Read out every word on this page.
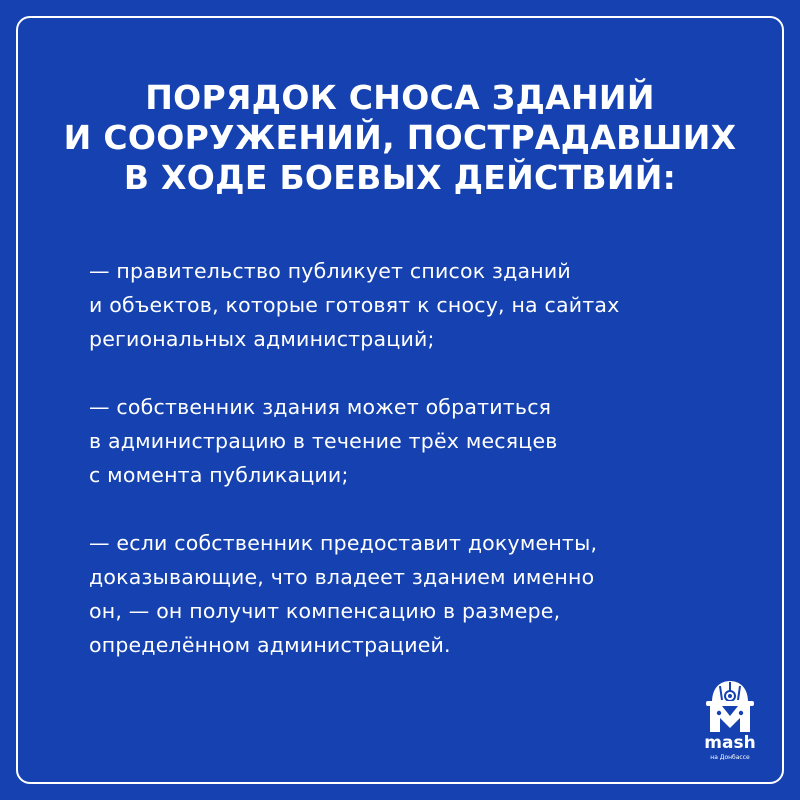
ПОРЯДОК СНОСА ЗДАНИЙ
И СООРУЖЕНИЙ, ПОСТРАДАВШИХ
В ХОДЕ БОЕВЫХ ДЕЙСТВИЙ:

— правительство публикует список зданий
и объектов, которые готовят к сносу, на сайтах
региональных администраций;

— собственник здания может обратиться
в администрацию в течение трёх месяцев
с момента публикации;

— если собственник предоставит документы,
доказывающие, что владеет зданием именно
он, — он получит компенсацию в размере,
определённом администрацией.

mash
на Донбассе
